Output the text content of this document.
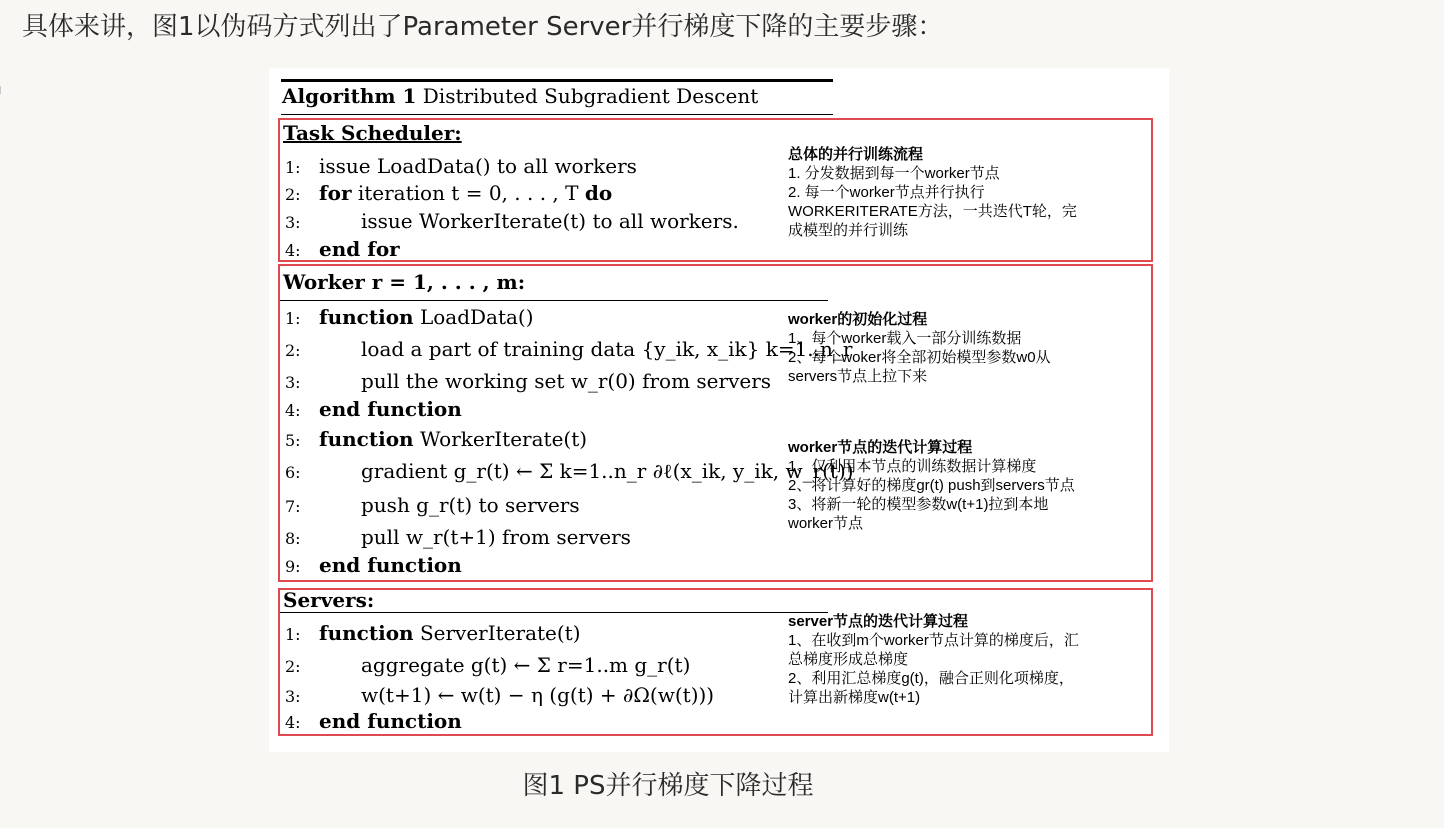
具体来讲，图1以伪码方式列出了Parameter Server并行梯度下降的主要步骤：
Algorithm 1 Distributed Subgradient Descent
Task Scheduler:
1: issue LoadData() to all workers
2: for iteration t = 0, . . . , T do
3:	issue WorkerIterate(t) to all workers.
4: end for
总体的并行训练流程
1. 分发数据到每一个worker节点
2. 每一个worker节点并行执行
WORKERITERATE方法，一共迭代T轮，完
成模型的并行训练
Worker r = 1, . . . , m:
1: function LoadData()
2:	load a part of training data {y_ik, x_ik} k=1..n_r
3:	pull the working set w_r(0) from servers
4: end function
5: function WorkerIterate(t)
6:	gradient g_r(t) ← Σ k=1..n_r ∂ℓ(x_ik, y_ik, w_r(t))
7:	push g_r(t) to servers
8:	pull w_r(t+1) from servers
9: end function
worker的初始化过程
1、每个worker载入一部分训练数据
2、每个woker将全部初始模型参数w0从
servers节点上拉下来
worker节点的迭代计算过程
1、仅利用本节点的训练数据计算梯度
2、将计算好的梯度gr(t) push到servers节点
3、将新一轮的模型参数w(t+1)拉到本地
worker节点
Servers:
1: function ServerIterate(t)
2:	aggregate g(t) ← Σ r=1..m g_r(t)
3:	w(t+1) ← w(t) − η (g(t) + ∂Ω(w(t)))
4: end function
server节点的迭代计算过程
1、在收到m个worker节点计算的梯度后，汇
总梯度形成总梯度
2、利用汇总梯度g(t)，融合正则化项梯度，
计算出新梯度w(t+1)
图1 PS并行梯度下降过程
